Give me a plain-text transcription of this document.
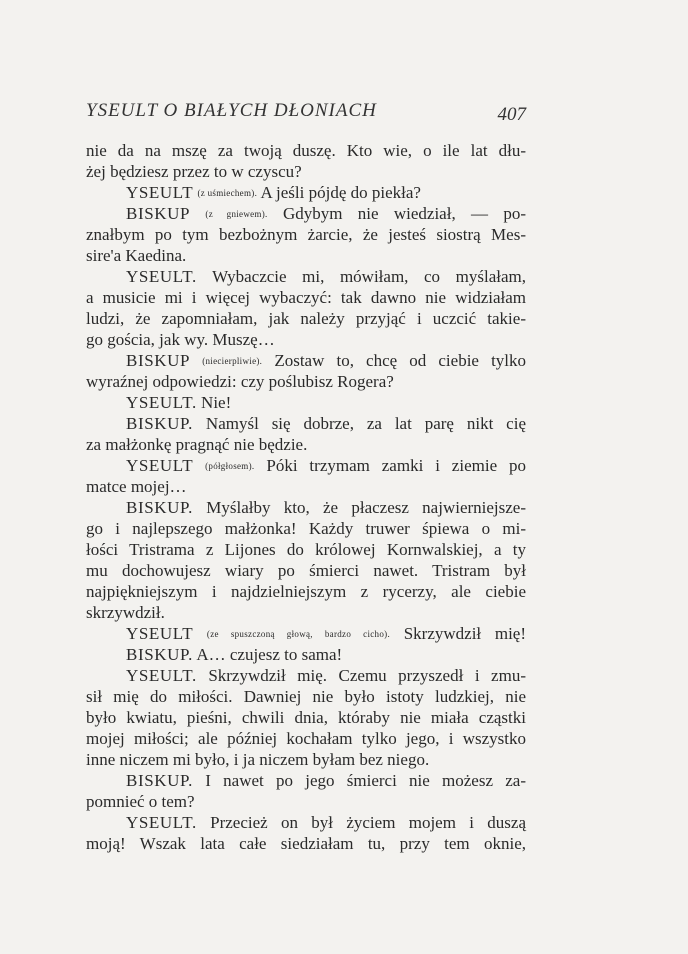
YSEULT O BIAŁYCH DŁONIACH	407
nie da na mszę za twoją duszę. Kto wie, o ile lat dłu-
żej będziesz przez to w czyscu?
YSEULT (z uśmiechem). A jeśli pójdę do piekła?
BISKUP (z gniewem). Gdybym nie wiedział, — po-
znałbym po tym bezbożnym żarcie, że jesteś siostrą Mes-
sire'a Kaedina.
YSEULT. Wybaczcie mi, mówiłam, co myślałam,
a musicie mi i więcej wybaczyć: tak dawno nie widziałam
ludzi, że zapomniałam, jak należy przyjąć i uczcić takie-
go gościa, jak wy. Muszę…
BISKUP (niecierpliwie). Zostaw to, chcę od ciebie tylko
wyraźnej odpowiedzi: czy poślubisz Rogera?
YSEULT. Nie!
BISKUP. Namyśl się dobrze, za lat parę nikt cię
za małżonkę pragnąć nie będzie.
YSEULT (półgłosem). Póki trzymam zamki i ziemie po
matce mojej…
BISKUP. Myślałby kto, że płaczesz najwierniejsze-
go i najlepszego małżonka! Każdy truwer śpiewa o mi-
łości Tristrama z Lijones do królowej Kornwalskiej, a ty
mu dochowujesz wiary po śmierci nawet. Tristram był
najpiękniejszym i najdzielniejszym z rycerzy, ale ciebie
skrzywdził.
YSEULT (ze spuszczoną głową, bardzo cicho). Skrzywdził mię!
BISKUP. A… czujesz to sama!
YSEULT. Skrzywdził mię. Czemu przyszedł i zmu-
sił mię do miłości. Dawniej nie było istoty ludzkiej, nie
było kwiatu, pieśni, chwili dnia, któraby nie miała cząstki
mojej miłości; ale później kochałam tylko jego, i wszystko
inne niczem mi było, i ja niczem byłam bez niego.
BISKUP. I nawet po jego śmierci nie możesz za-
pomnieć o tem?
YSEULT. Przecież on był życiem mojem i duszą
moją! Wszak lata całe siedziałam tu, przy tem oknie,
